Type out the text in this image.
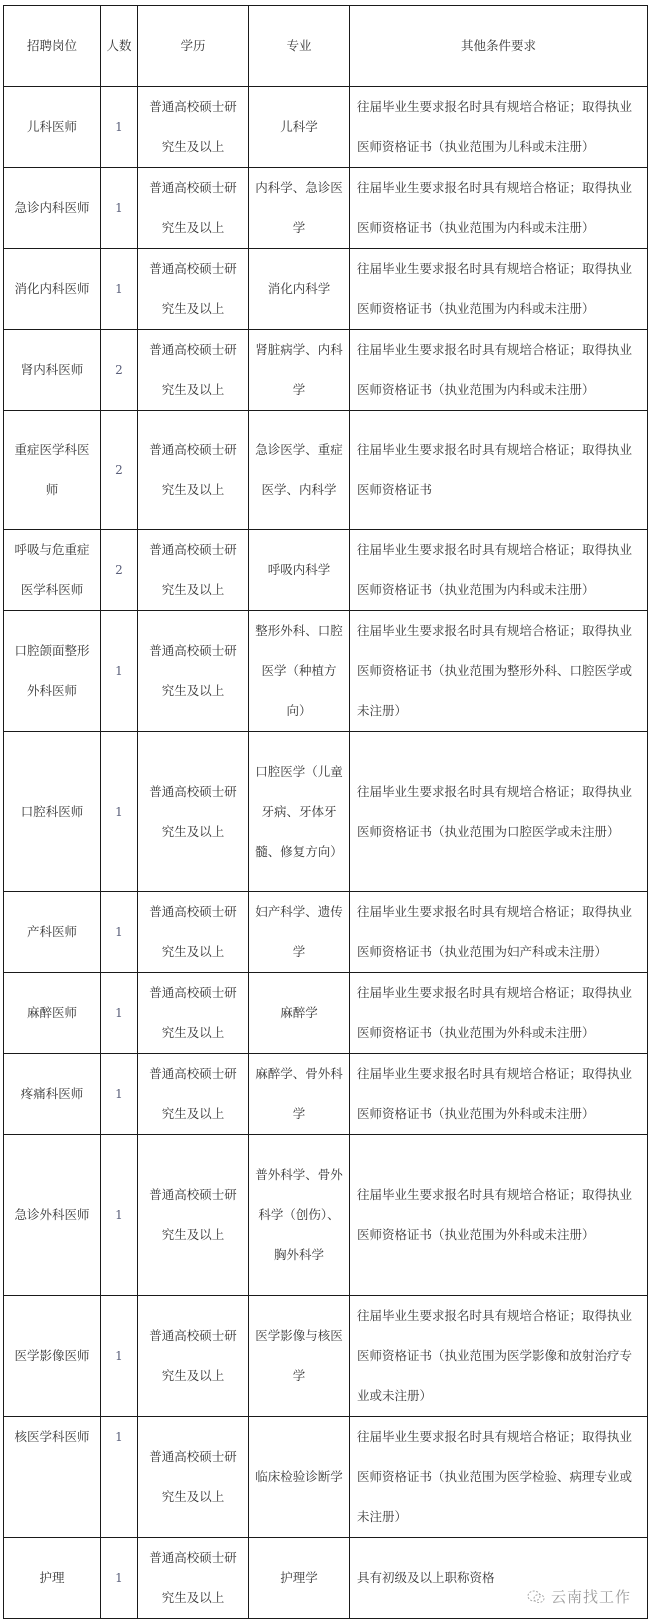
招聘岗位	人数	学历	专业	其他条件要求
儿科医师	1	普通高校硕士研究生及以上	儿科学	往届毕业生要求报名时具有规培合格证；取得执业医师资格证书（执业范围为儿科或未注册）
急诊内科医师	1	普通高校硕士研究生及以上	内科学、急诊医学	往届毕业生要求报名时具有规培合格证；取得执业医师资格证书（执业范围为内科或未注册）
消化内科医师	1	普通高校硕士研究生及以上	消化内科学	往届毕业生要求报名时具有规培合格证；取得执业医师资格证书（执业范围为内科或未注册）
肾内科医师	2	普通高校硕士研究生及以上	肾脏病学、内科学	往届毕业生要求报名时具有规培合格证；取得执业医师资格证书（执业范围为内科或未注册）
重症医学科医师	2	普通高校硕士研究生及以上	急诊医学、重症医学、内科学	往届毕业生要求报名时具有规培合格证；取得执业医师资格证书
呼吸与危重症医学科医师	2	普通高校硕士研究生及以上	呼吸内科学	往届毕业生要求报名时具有规培合格证；取得执业医师资格证书（执业范围为内科或未注册）
口腔颌面整形外科医师	1	普通高校硕士研究生及以上	整形外科、口腔医学（种植方向）	往届毕业生要求报名时具有规培合格证；取得执业医师资格证书（执业范围为整形外科、口腔医学或未注册）
口腔科医师	1	普通高校硕士研究生及以上	口腔医学（儿童牙病、牙体牙髓、修复方向）	往届毕业生要求报名时具有规培合格证；取得执业医师资格证书（执业范围为口腔医学或未注册）
产科医师	1	普通高校硕士研究生及以上	妇产科学、遗传学	往届毕业生要求报名时具有规培合格证；取得执业医师资格证书（执业范围为妇产科或未注册）
麻醉医师	1	普通高校硕士研究生及以上	麻醉学	往届毕业生要求报名时具有规培合格证；取得执业医师资格证书（执业范围为外科或未注册）
疼痛科医师	1	普通高校硕士研究生及以上	麻醉学、骨外科学	往届毕业生要求报名时具有规培合格证；取得执业医师资格证书（执业范围为外科或未注册）
急诊外科医师	1	普通高校硕士研究生及以上	普外科学、骨外科学（创伤）、胸外科学	往届毕业生要求报名时具有规培合格证；取得执业医师资格证书（执业范围为外科或未注册）
医学影像医师	1	普通高校硕士研究生及以上	医学影像与核医学	往届毕业生要求报名时具有规培合格证；取得执业医师资格证书（执业范围为医学影像和放射治疗专业或未注册）
核医学科医师	1	普通高校硕士研究生及以上	临床检验诊断学	往届毕业生要求报名时具有规培合格证；取得执业医师资格证书（执业范围为医学检验、病理专业或未注册）
护理	1	普通高校硕士研究生及以上	护理学	具有初级及以上职称资格
云南找工作
